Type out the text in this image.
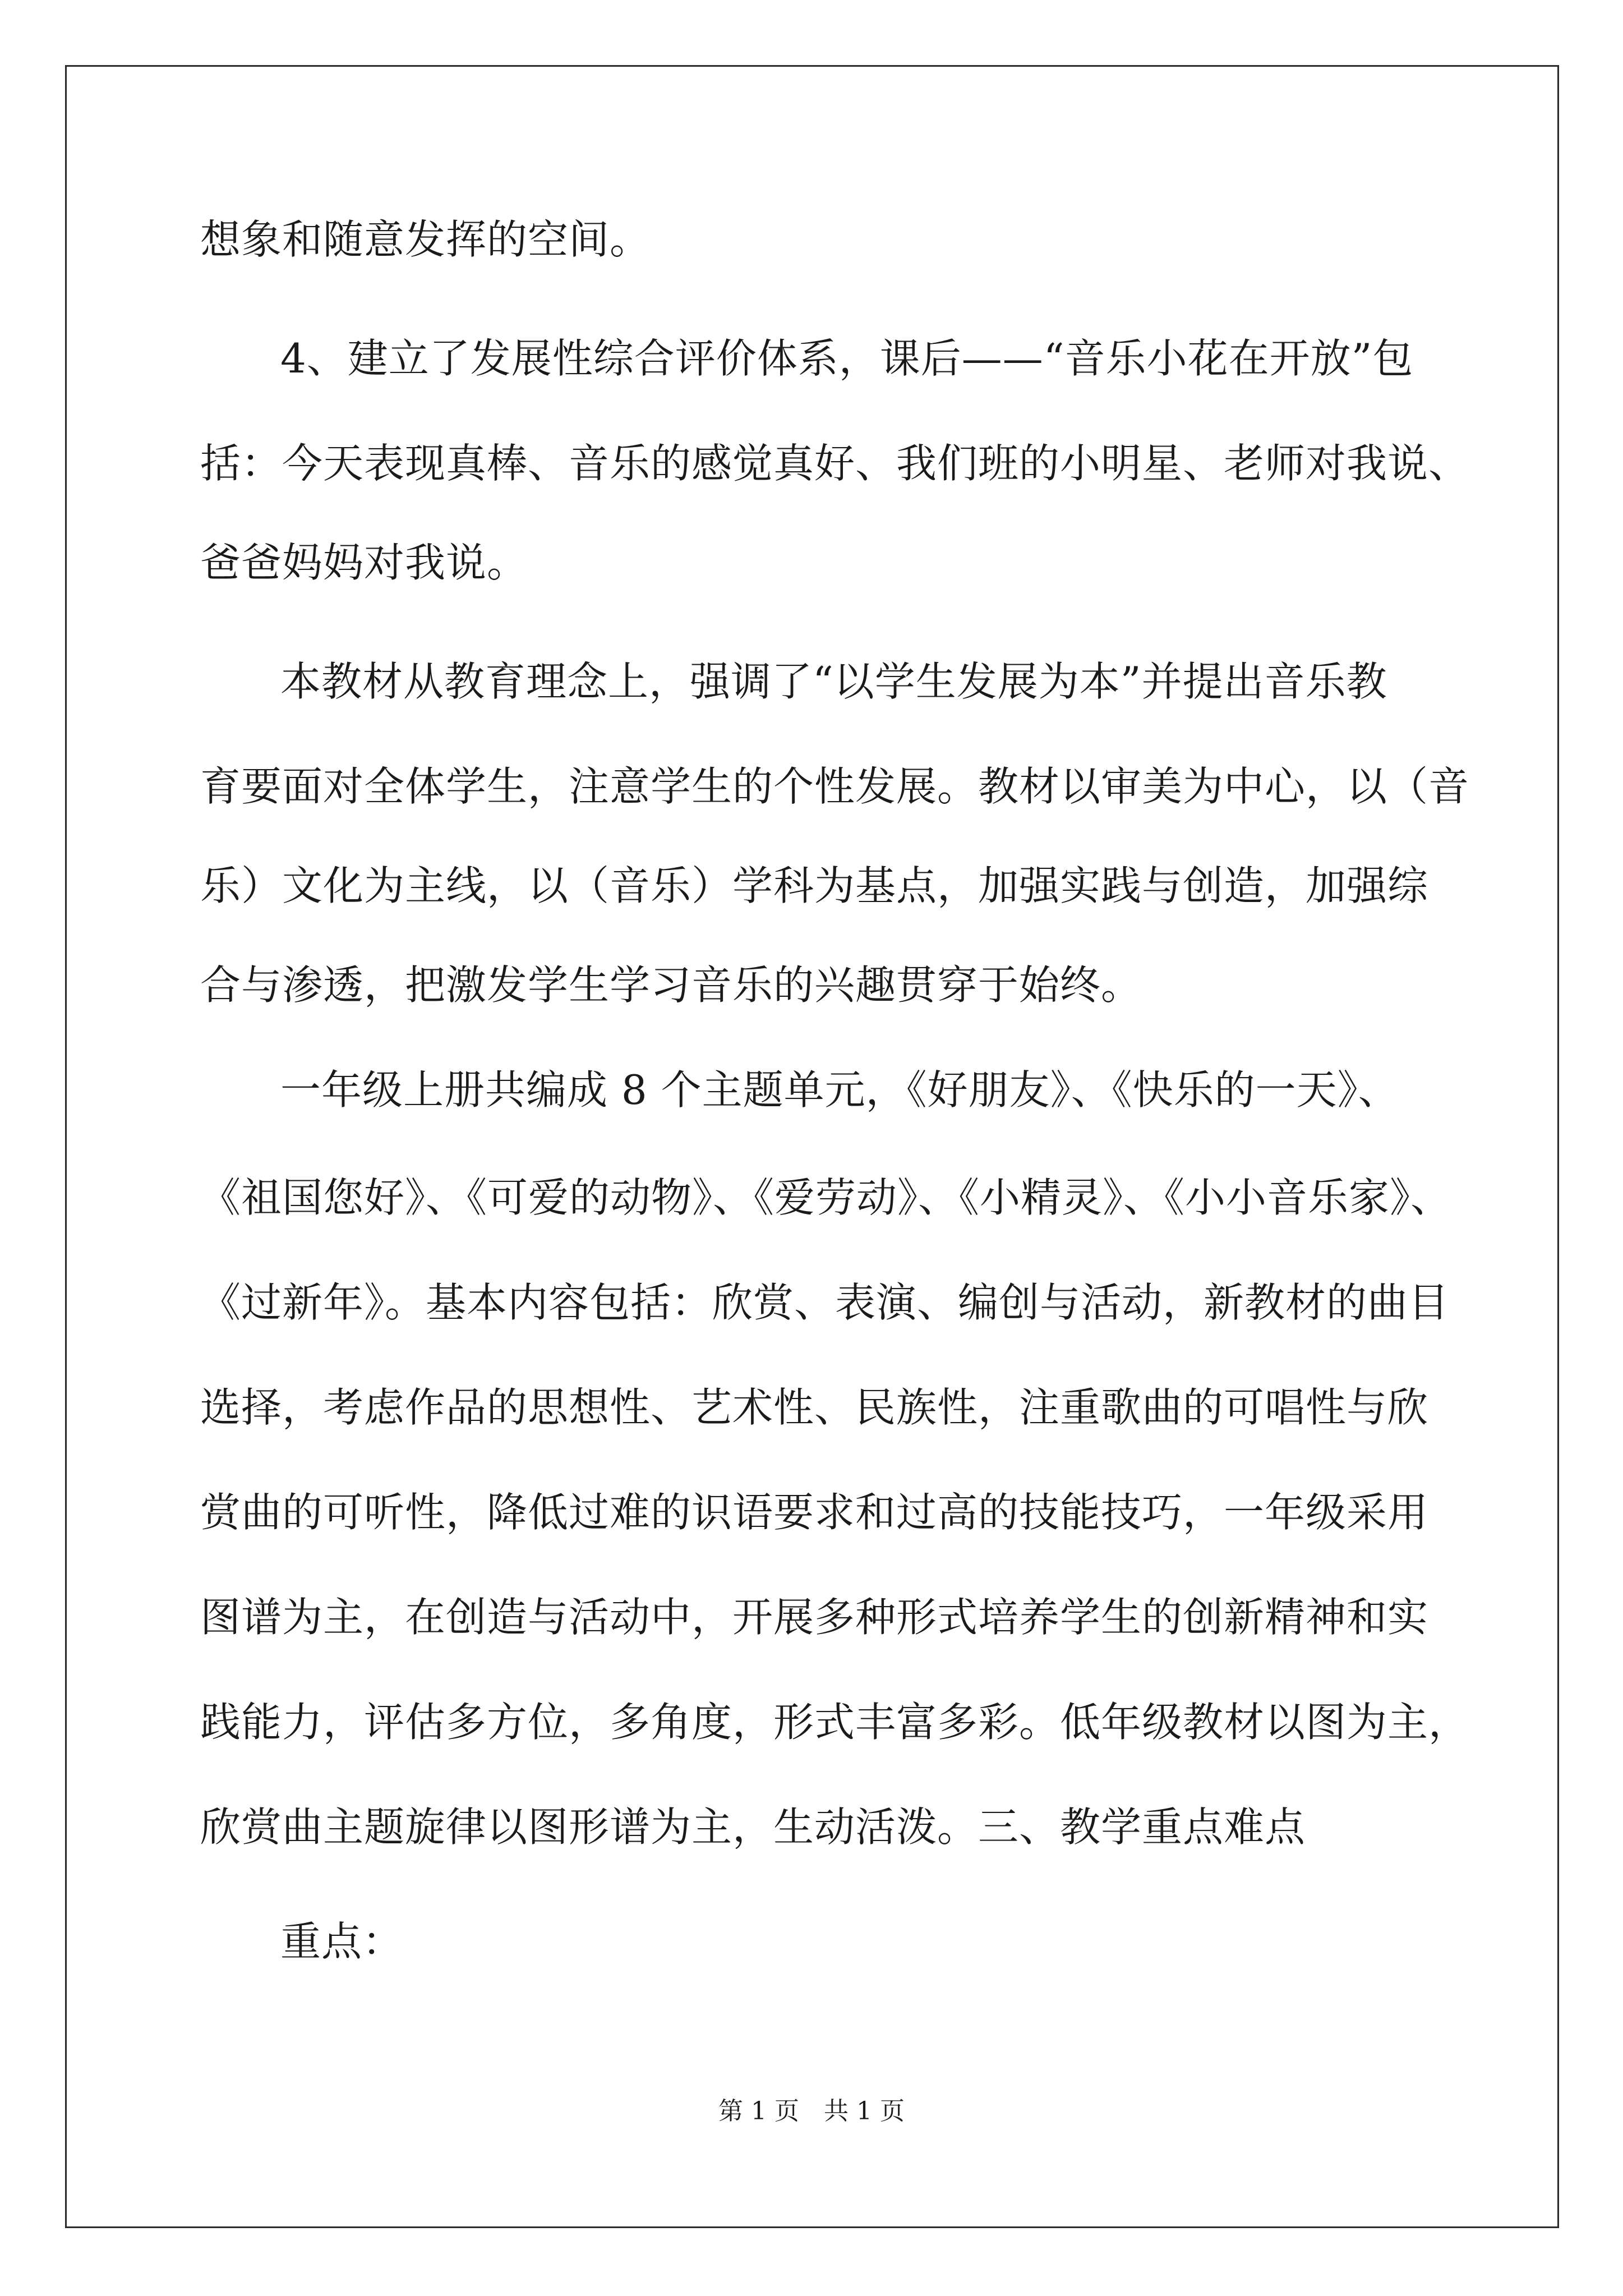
想象和随意发挥的空间。
4、建立了发展性综合评价体系，课后——“音乐小花在开放”包
括：今天表现真棒、音乐的感觉真好、我们班的小明星、老师对我说、
爸爸妈妈对我说。
本教材从教育理念上，强调了“以学生发展为本”并提出音乐教
育要面对全体学生，注意学生的个性发展。教材以审美为中心，以（音
乐）文化为主线，以（音乐）学科为基点，加强实践与创造，加强综
合与渗透，把激发学生学习音乐的兴趣贯穿于始终。
一年级上册共编成 8 个主题单元，《好朋友》、《快乐的一天》、
《祖国您好》、《可爱的动物》、《爱劳动》、《小精灵》、《小小音乐家》、
《过新年》。基本内容包括：欣赏、表演、编创与活动，新教材的曲目
选择，考虑作品的思想性、艺术性、民族性，注重歌曲的可唱性与欣
赏曲的可听性，降低过难的识语要求和过高的技能技巧，一年级采用
图谱为主，在创造与活动中，开展多种形式培养学生的创新精神和实
践能力，评估多方位，多角度，形式丰富多彩。低年级教材以图为主，
欣赏曲主题旋律以图形谱为主，生动活泼。三、教学重点难点
重点：
第 1 页　共 1 页
